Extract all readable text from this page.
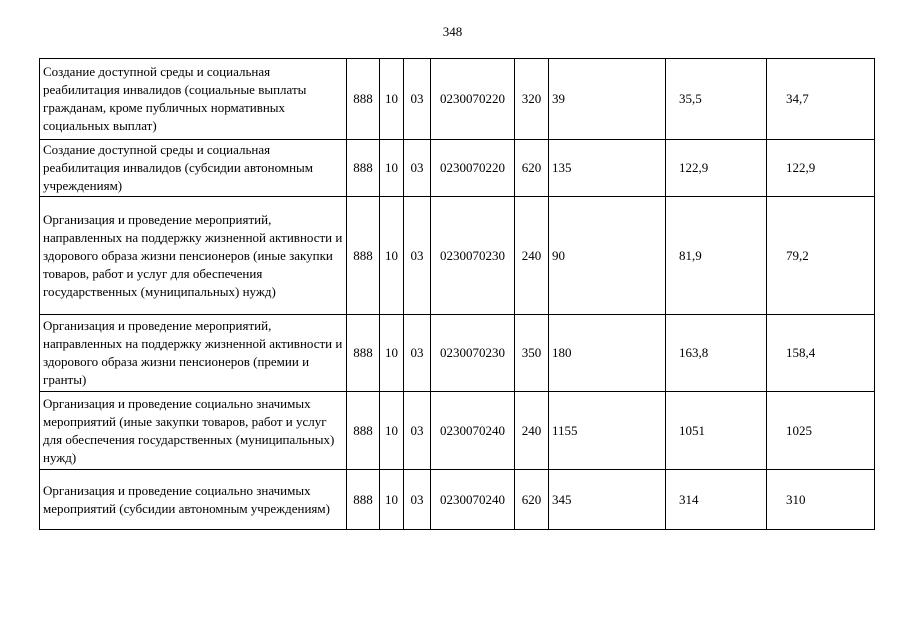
348
Создание доступной среды и социальная реабилитация инвалидов (социальные выплаты гражданам, кроме публичных нормативных социальных выплат)	888	10	03	0230070220	320	39	35,5	34,7
Создание доступной среды и социальная реабилитация инвалидов (субсидии автономным учреждениям)	888	10	03	0230070220	620	135	122,9	122,9
Организация и проведение мероприятий, направленных на поддержку жизненной активности и здорового образа жизни пенсионеров (иные закупки товаров, работ и услуг для обеспечения государственных (муниципальных) нужд)	888	10	03	0230070230	240	90	81,9	79,2
Организация и проведение мероприятий, направленных на поддержку жизненной активности и здорового образа жизни пенсионеров (премии и гранты)	888	10	03	0230070230	350	180	163,8	158,4
Организация и проведение социально значимых мероприятий (иные закупки товаров, работ и услуг для обеспечения государственных (муниципальных) нужд)	888	10	03	0230070240	240	1155	1051	1025
Организация и проведение социально значимых мероприятий (субсидии автономным учреждениям)	888	10	03	0230070240	620	345	314	310
